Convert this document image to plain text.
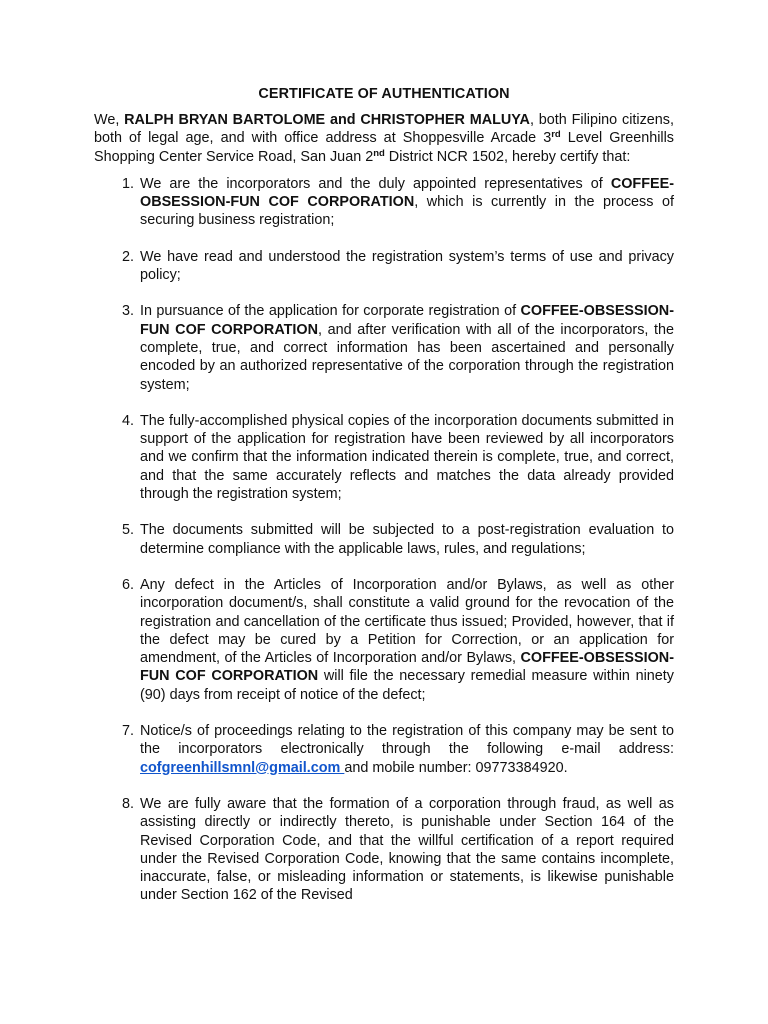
CERTIFICATE OF AUTHENTICATION

We, RALPH BRYAN BARTOLOME and CHRISTOPHER MALUYA, both Filipino citizens, both of legal age, and with office address at Shoppesville Arcade 3rd Level Greenhills Shopping Center Service Road, San Juan 2nd District NCR 1502, hereby certify that:

1. We are the incorporators and the duly appointed representatives of COFFEE-OBSESSION-FUN COF CORPORATION, which is currently in the process of securing business registration;
2. We have read and understood the registration system’s terms of use and privacy policy;
3. In pursuance of the application for corporate registration of COFFEE-OBSESSION-FUN COF CORPORATION, and after verification with all of the incorporators, the complete, true, and correct information has been ascertained and personally encoded by an authorized representative of the corporation through the registration system;
4. The fully-accomplished physical copies of the incorporation documents submitted in support of the application for registration have been reviewed by all incorporators and we confirm that the information indicated therein is complete, true, and correct, and that the same accurately reflects and matches the data already provided through the registration system;
5. The documents submitted will be subjected to a post-registration evaluation to determine compliance with the applicable laws, rules, and regulations;
6. Any defect in the Articles of Incorporation and/or Bylaws, as well as other incorporation document/s, shall constitute a valid ground for the revocation of the registration and cancellation of the certificate thus issued; Provided, however, that if the defect may be cured by a Petition for Correction, or an application for amendment, of the Articles of Incorporation and/or Bylaws, COFFEE-OBSESSION-FUN COF CORPORATION will file the necessary remedial measure within ninety (90) days from receipt of notice of the defect;
7. Notice/s of proceedings relating to the registration of this company may be sent to the incorporators electronically through the following e-mail address: cofgreenhillsmnl@gmail.com and mobile number: 09773384920.
8. We are fully aware that the formation of a corporation through fraud, as well as assisting directly or indirectly thereto, is punishable under Section 164 of the Revised Corporation Code, and that the willful certification of a report required under the Revised Corporation Code, knowing that the same contains incomplete, inaccurate, false, or misleading information or statements, is likewise punishable under Section 162 of the Revised
